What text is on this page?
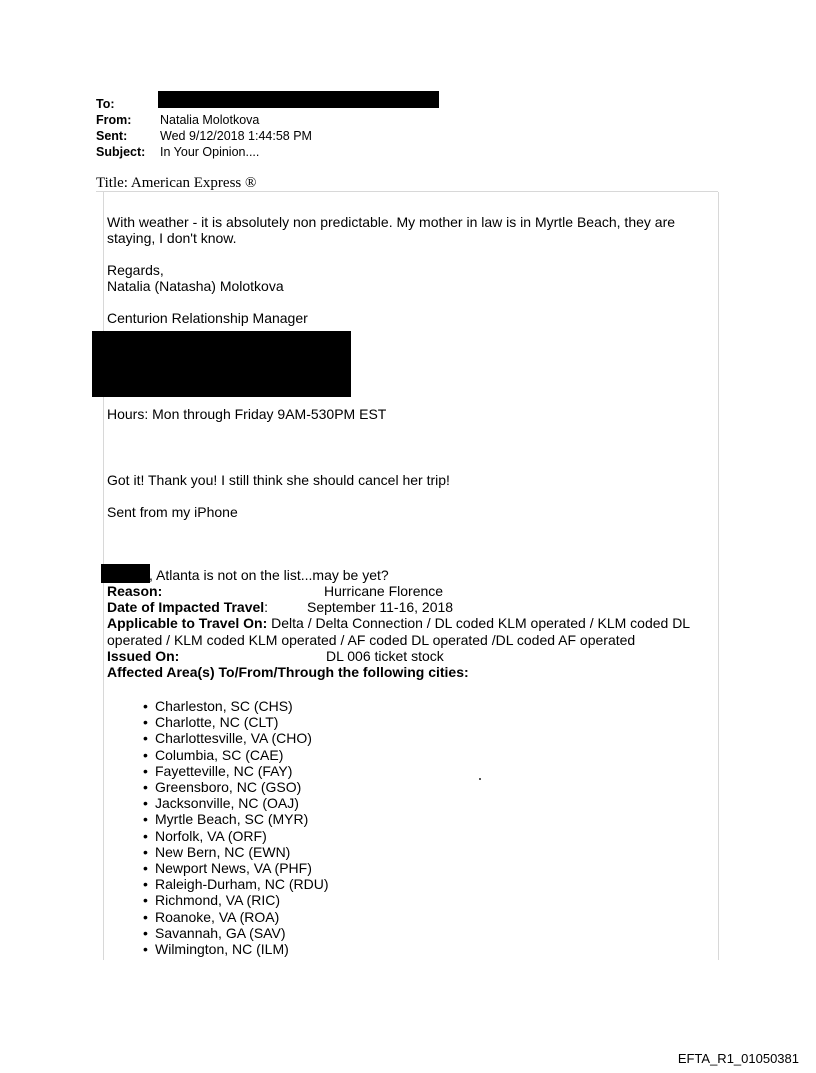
To:
From: Natalia Molotkova
Sent:	Wed 9/12/2018 1:44:58 PM
Subject: In Your Opinion....
Title: American Express ®
With weather - it is absolutely non predictable. My mother in law is in Myrtle Beach, they are
staying, I don't know.
Regards,
Natalia (Natasha) Molotkova
Centurion Relationship Manager
Hours: Mon through Friday 9AM-530PM EST
Got it! Thank you! I still think she should cancel her trip!
Sent from my iPhone
, Atlanta is not on the list...may be yet?
Reason:	Hurricane Florence
Date of Impacted Travel:	September 11-16, 2018
Applicable to Travel On: Delta / Delta Connection / DL coded KLM operated / KLM coded DL
operated / KLM coded KLM operated / AF coded DL operated /DL coded AF operated
Issued On:	DL 006 ticket stock
Affected Area(s) To/From/Through the following cities:
• Charleston, SC (CHS)
• Charlotte, NC (CLT)
• Charlottesville, VA (CHO)
• Columbia, SC (CAE)
• Fayetteville, NC (FAY)
• Greensboro, NC (GSO)
• Jacksonville, NC (OAJ)
• Myrtle Beach, SC (MYR)
• Norfolk, VA (ORF)
• New Bern, NC (EWN)
• Newport News, VA (PHF)
• Raleigh-Durham, NC (RDU)
• Richmond, VA (RIC)
• Roanoke, VA (ROA)
• Savannah, GA (SAV)
• Wilmington, NC (ILM)
EFTA_R1_01050381
